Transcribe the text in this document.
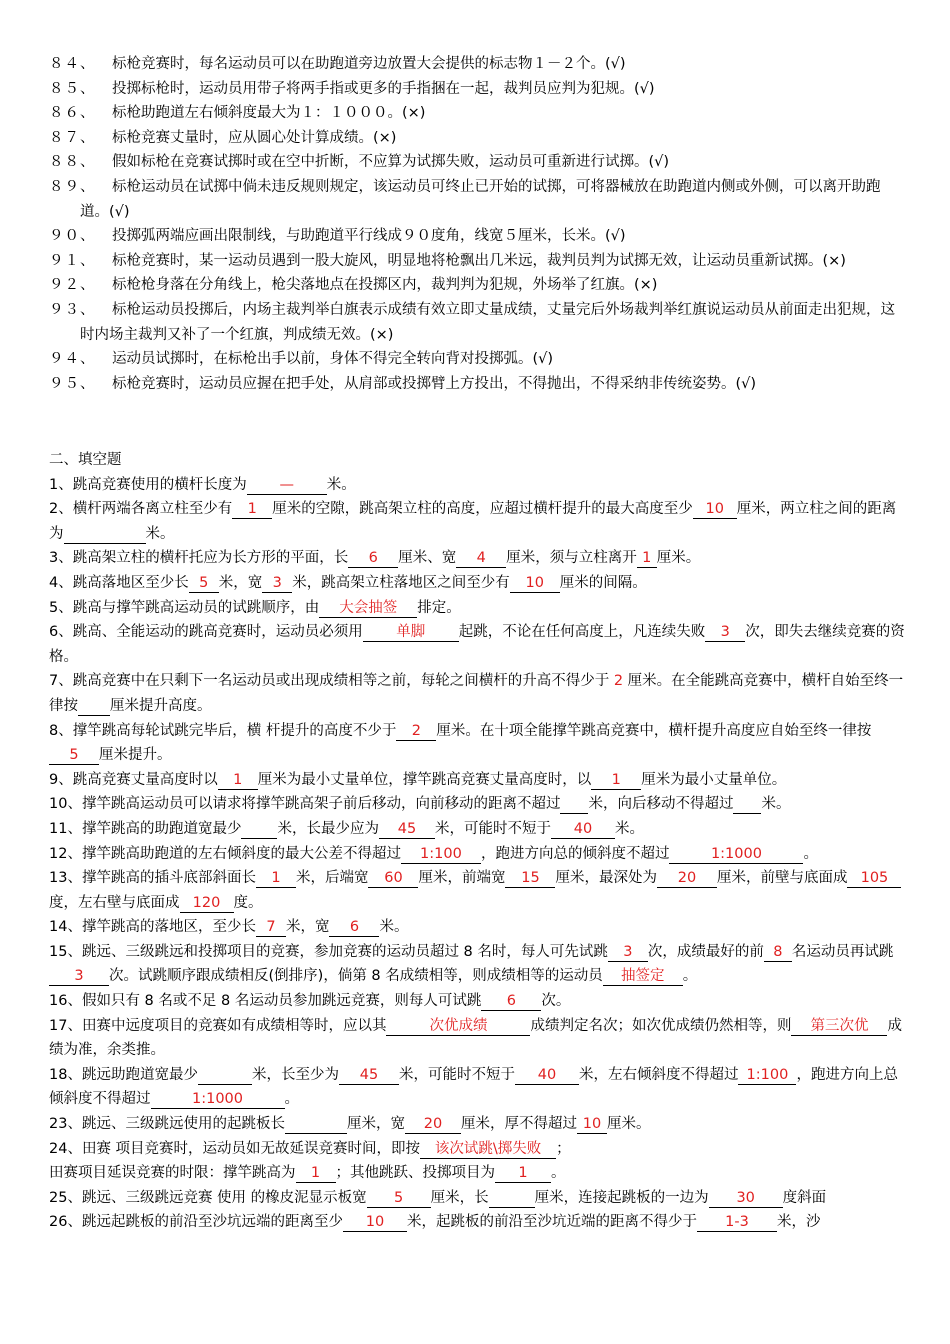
８４、 标枪竞赛时，每名运动员可以在助跑道旁边放置大会提供的标志物１－２个。(√)
８５、 投掷标枪时，运动员用带子将两手指或更多的手指捆在一起，裁判员应判为犯规。(√)
８６、 标枪助跑道左右倾斜度最大为１：１０００。(×)
８７、 标枪竞赛丈量时，应从圆心处计算成绩。(×)
８８、 假如标枪在竞赛试掷时或在空中折断，不应算为试掷失败，运动员可重新进行试掷。(√)
８９、	标枪运动员在试掷中倘未违反规则规定，该运动员可终止已开始的试掷，可将器械放在助跑道内侧或外侧，可以离开助跑道。(√)
９０、 投掷弧两端应画出限制线，与助跑道平行线成９０度角，线宽５厘米，长米。(√)
９１、	标枪竞赛时，某一运动员遇到一股大旋风，明显地将枪飘出几米远，裁判员判为试掷无效，让运动员重新试掷。(×)
９２、 标枪枪身落在分角线上，枪尖落地点在投掷区内，裁判判为犯规，外场举了红旗。(×)
９３、	标枪运动员投掷后，内场主裁判举白旗表示成绩有效立即丈量成绩，丈量完后外场裁判举红旗说运动员从前面走出犯规，这时内场主裁判又补了一个红旗，判成绩无效。(×)
９４、 运动员试掷时，在标枪出手以前，身体不得完全转向背对投掷弧。(√)
９５、 标枪竞赛时，运动员应握在把手处，从肩部或投掷臂上方投出，不得抛出，不得采纳非传统姿势。(√)
二、填空题
1、跳高竞赛使用的横杆长度为 — 米。
2、横杆两端各离立柱至少有 1 厘米的空隙，跳高架立柱的高度，应超过横杆提升的最大高度至少 10 厘米，两立柱之间的距离为	米。
3、跳高架立柱的横杆托应为长方形的平面，长 6 厘米、宽 4 厘米，须与立柱离开 1 厘米。
4、跳高落地区至少长 5 米，宽 3 米，跳高架立柱落地区之间至少有 10 厘米的间隔。
5、跳高与撑竿跳高运动员的试跳顺序，由 大会抽签 排定。
6、跳高、全能运动的跳高竞赛时，运动员必须用 单脚 起跳，不论在任何高度上，凡连续失败 3 次，即失去继续竞赛的资格。
7、跳高竞赛中在只剩下一名运动员或出现成绩相等之前，每轮之间横杆的升高不得少于 2 厘米。在全能跳高竞赛中，横杆自始至终一律按 厘米提升高度。
8、撑竿跳高每轮试跳完毕后，横 杆提升的高度不少于 2 厘米。在十项全能撑竿跳高竞赛中，横杆提升高度应自始至终一律按5 厘米提升。
9、跳高竞赛丈量高度时以 1 厘米为最小丈量单位，撑竿跳高竞赛丈量高度时，以 1 厘米为最小丈量单位。
10、撑竿跳高运动员可以请求将撑竿跳高架子前后移动，向前移动的距离不超过 米，向后移动不得超过 米。
11、撑竿跳高的助跑道宽最少 米，长最少应为 45 米，可能时不短于 40 米。
12、撑竿跳高助跑道的左右倾斜度的最大公差不得超过 1:100 ，跑进方向总的倾斜度不超过	1:1000	。
13、撑竿跳高的插斗底部斜面长 1 米，后端宽 60 厘米，前端宽 15 厘米，最深处为 20 厘米，前壁与底面成 105度，左右壁与底面成 120 度。
14、撑竿跳高的落地区，至少长 7 米，宽 6 米。
15、跳远、三级跳远和投掷项目的竞赛，参加竞赛的运动员超过 8 名时，每人可先试跳 3 次，成绩最好的前 8 名运动员再试跳3 次。试跳顺序跟成绩相反(倒排序)，倘第 8 名成绩相等，则成绩相等的运动员 抽签定 。
16、假如只有 8 名或不足 8 名运动员参加跳远竞赛，则每人可试跳 6 次。
17、田赛中远度项目的竞赛如有成绩相等时，应以其	次优成绩	成绩判定名次；如次优成绩仍然相等，则 第三次优 成绩为准，余类推。
18、跳远助跑道宽最少	米，长至少为 45 米，可能时不短于 40 米，左右倾斜度不得超过 1:100 ，跑进方向上总倾斜度不得超过	1:1000	。
23、跳远、三级跳远使用的起跳板长	厘米，宽 20 厘米，厚不得超过 10 厘米。
24、田赛 项目竞赛时，运动员如无故延误竞赛时间，即按 该次试跳\掷失败 ；
田赛项目延误竞赛的时限：撑竿跳高为 1 ；其他跳跃、投掷项目为 1 。
25、跳远、三级跳远竞赛 使用 的橡皮泥显示板宽 5 厘米，长	厘米，连接起跳板的一边为 30 度斜面
26、跳远起跳板的前沿至沙坑远端的距离至少 10 米，起跳板的前沿至沙坑近端的距离不得少于 1-3 米，沙
